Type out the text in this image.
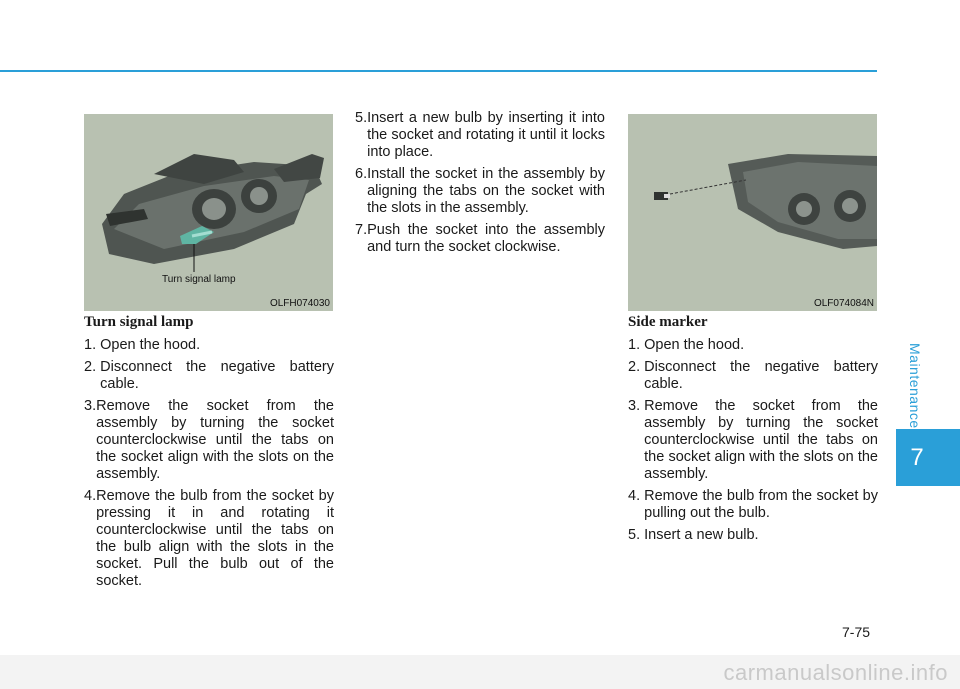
Maintenance
7
Turn signal lamp
OLFH074030	OLF074084N
Turn signal lamp
1. Open the hood.
2. Disconnect the negative battery cable.
3. Remove the socket from the assembly by turning the socket counterclockwise until the tabs on the socket align with the slots on the assembly.
4. Remove the bulb from the socket by pressing it in and rotating it counterclockwise until the tabs on the bulb align with the slots in the socket. Pull the bulb out of the socket.
5. Insert a new bulb by inserting it into the socket and rotating it until it locks into place.
6. Install the socket in the assembly by aligning the tabs on the socket with the slots in the assembly.
7. Push the socket into the assembly and turn the socket clockwise.
Side marker
1. Open the hood.
2. Disconnect the negative battery cable.
3. Remove the socket from the assembly by turning the socket counterclockwise until the tabs on the socket align with the slots on the assembly.
4. Remove the bulb from the socket by pulling out the bulb.
5. Insert a new bulb.
7-75
carmanualsonline.info
